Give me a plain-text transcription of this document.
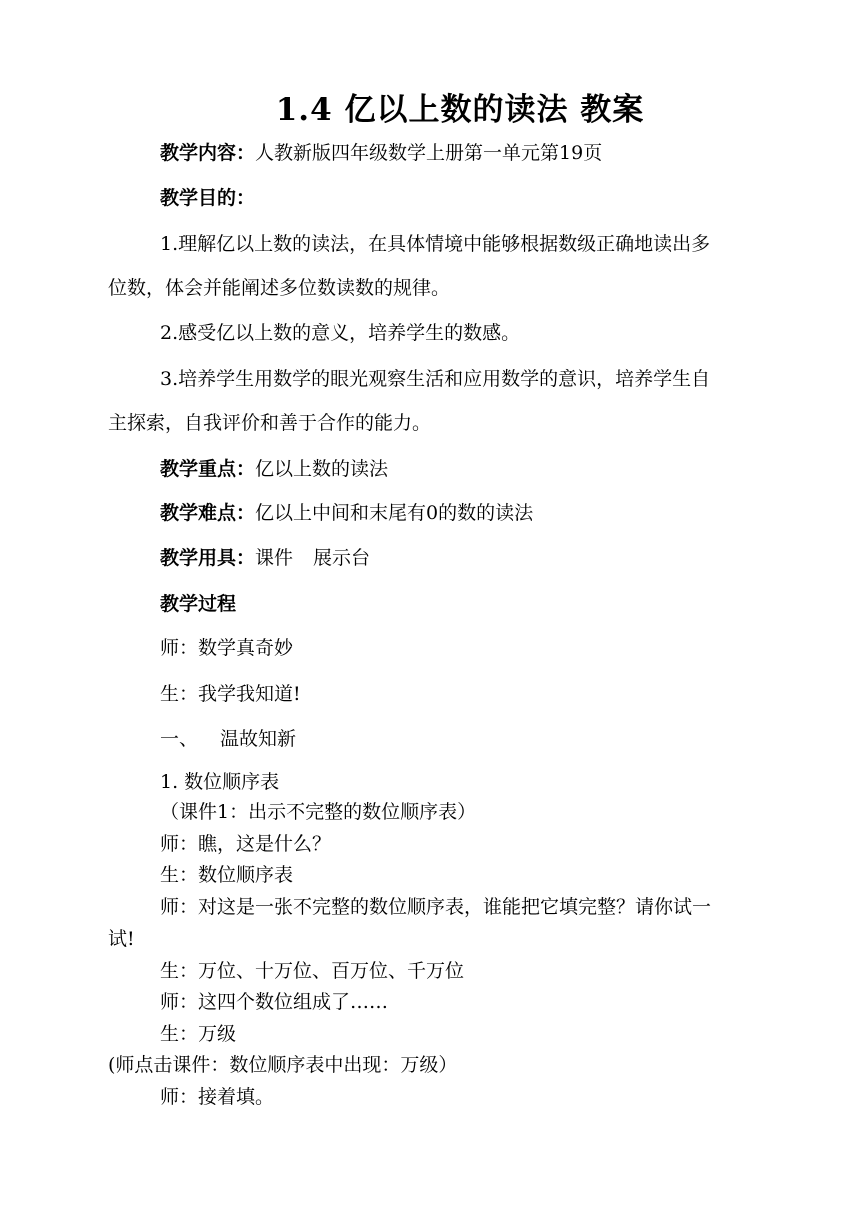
1.4 亿以上数的读法 教案
教学内容：人教新版四年级数学上册第一单元第19页
教学目的：
1.理解亿以上数的读法，在具体情境中能够根据数级正确地读出多
位数，体会并能阐述多位数读数的规律。
2.感受亿以上数的意义，培养学生的数感。
3.培养学生用数学的眼光观察生活和应用数学的意识，培养学生自
主探索，自我评价和善于合作的能力。
教学重点：亿以上数的读法
教学难点：亿以上中间和末尾有0的数的读法
教学用具：课件 展示台
教学过程
师：数学真奇妙
生：我学我知道!
一、 温故知新
1. 数位顺序表
（课件1：出示不完整的数位顺序表）
师：瞧，这是什么？
生：数位顺序表
师：对这是一张不完整的数位顺序表，谁能把它填完整？请你试一
试!
生：万位、十万位、百万位、千万位
师：这四个数位组成了……
生：万级
(师点击课件：数位顺序表中出现：万级）
师：接着填。
